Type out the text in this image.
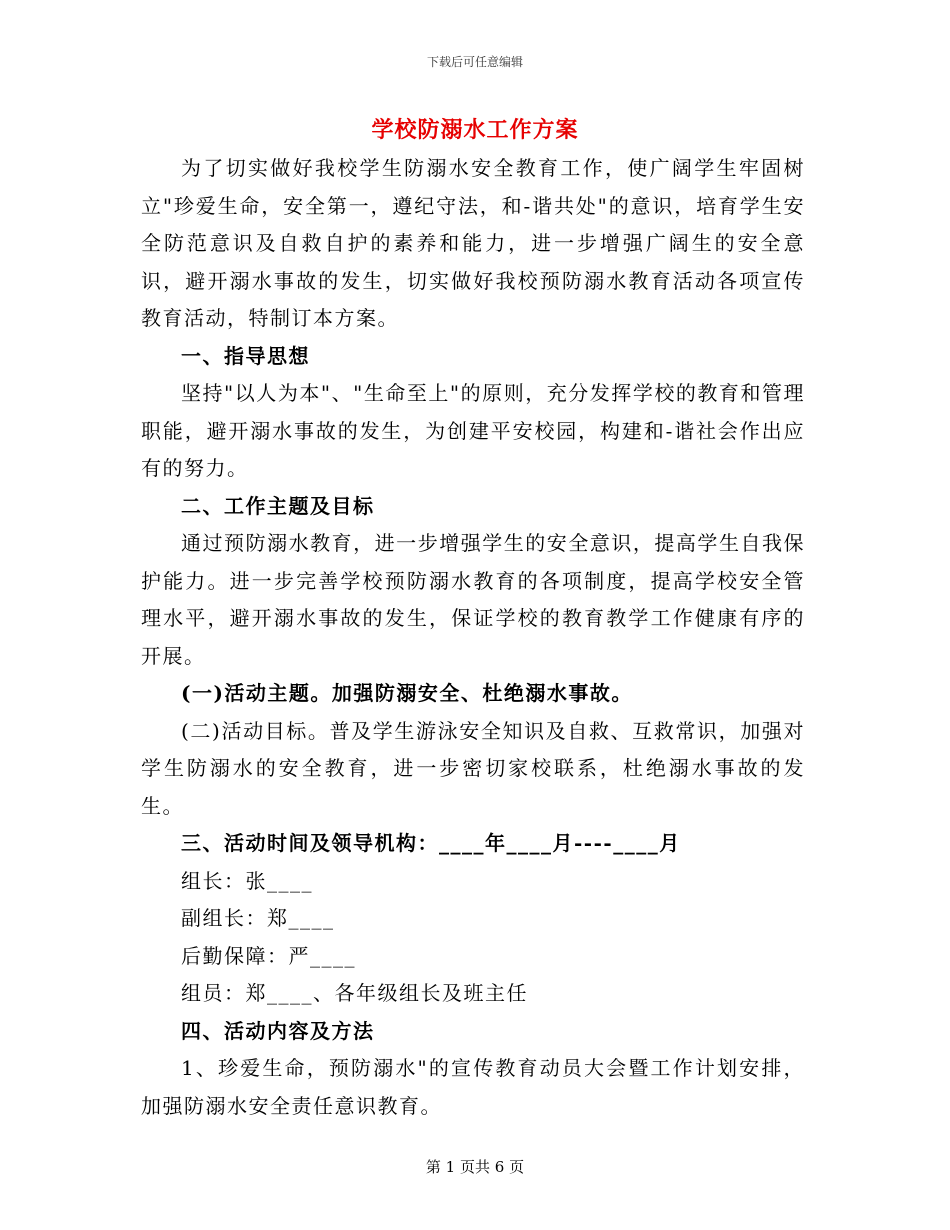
下载后可任意编辑
学校防溺水工作方案

为了切实做好我校学生防溺水安全教育工作，使广阔学生牢固树立"珍爱生命，安全第一，遵纪守法，和-谐共处"的意识，培育学生安全防范意识及自救自护的素养和能力，进一步增强广阔生的安全意识，避开溺水事故的发生，切实做好我校预防溺水教育活动各项宣传教育活动，特制订本方案。

一、指导思想

坚持"以人为本"、"生命至上"的原则，充分发挥学校的教育和管理职能，避开溺水事故的发生，为创建平安校园，构建和-谐社会作出应有的努力。

二、工作主题及目标

通过预防溺水教育，进一步增强学生的安全意识，提高学生自我保护能力。进一步完善学校预防溺水教育的各项制度，提高学校安全管理水平，避开溺水事故的发生，保证学校的教育教学工作健康有序的开展。

(一)活动主题。加强防溺安全、杜绝溺水事故。

(二)活动目标。普及学生游泳安全知识及自救、互救常识，加强对学生防溺水的安全教育，进一步密切家校联系，杜绝溺水事故的发生。

三、活动时间及领导机构：____年____月----____月

组长：张____

副组长：郑____

后勤保障：严____

组员：郑____、各年级组长及班主任

四、活动内容及方法

1、珍爱生命，预防溺水"的宣传教育动员大会暨工作计划安排，加强防溺水安全责任意识教育。

第 1 页共 6 页
